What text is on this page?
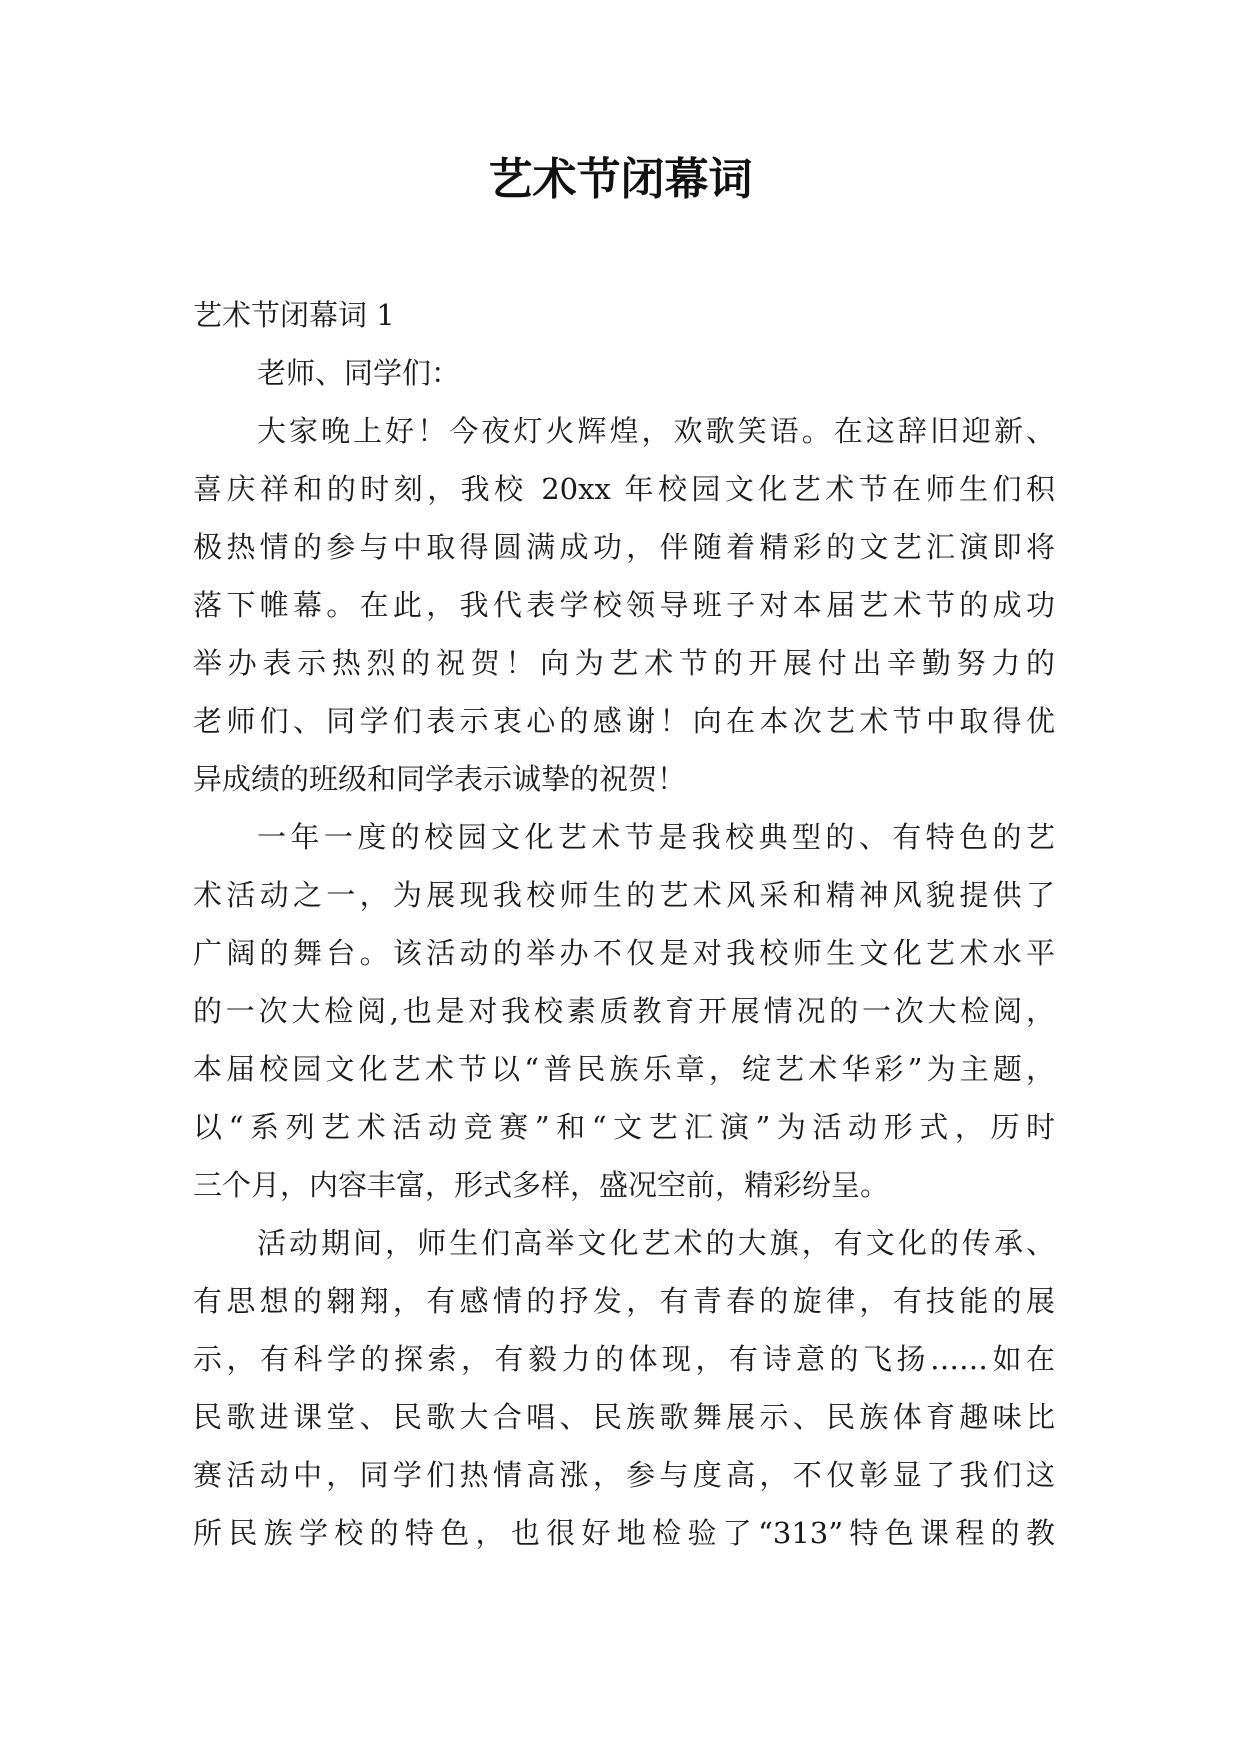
艺术节闭幕词
艺术节闭幕词 1
老师、同学们：
大家晚上好！今夜灯火辉煌，欢歌笑语。在这辞旧迎新、
喜庆祥和的时刻，我校 20xx 年校园文化艺术节在师生们积
极热情的参与中取得圆满成功，伴随着精彩的文艺汇演即将
落下帷幕。在此，我代表学校领导班子对本届艺术节的成功
举办表示热烈的祝贺！向为艺术节的开展付出辛勤努力的
老师们、同学们表示衷心的感谢！向在本次艺术节中取得优
异成绩的班级和同学表示诚挚的祝贺！
一年一度的校园文化艺术节是我校典型的、有特色的艺
术活动之一，为展现我校师生的艺术风采和精神风貌提供了
广阔的舞台。该活动的举办不仅是对我校师生文化艺术水平
的一次大检阅,也是对我校素质教育开展情况的一次大检阅，
本届校园文化艺术节以“普民族乐章，绽艺术华彩”为主题，
以“系列艺术活动竞赛”和“文艺汇演”为活动形式，历时
三个月，内容丰富，形式多样，盛况空前，精彩纷呈。
活动期间，师生们高举文化艺术的大旗，有文化的传承、
有思想的翱翔，有感情的抒发，有青春的旋律，有技能的展
示，有科学的探索，有毅力的体现，有诗意的飞扬……如在
民歌进课堂、民歌大合唱、民族歌舞展示、民族体育趣味比
赛活动中，同学们热情高涨，参与度高，不仅彰显了我们这
所民族学校的特色，也很好地检验了“313”特色课程的教
